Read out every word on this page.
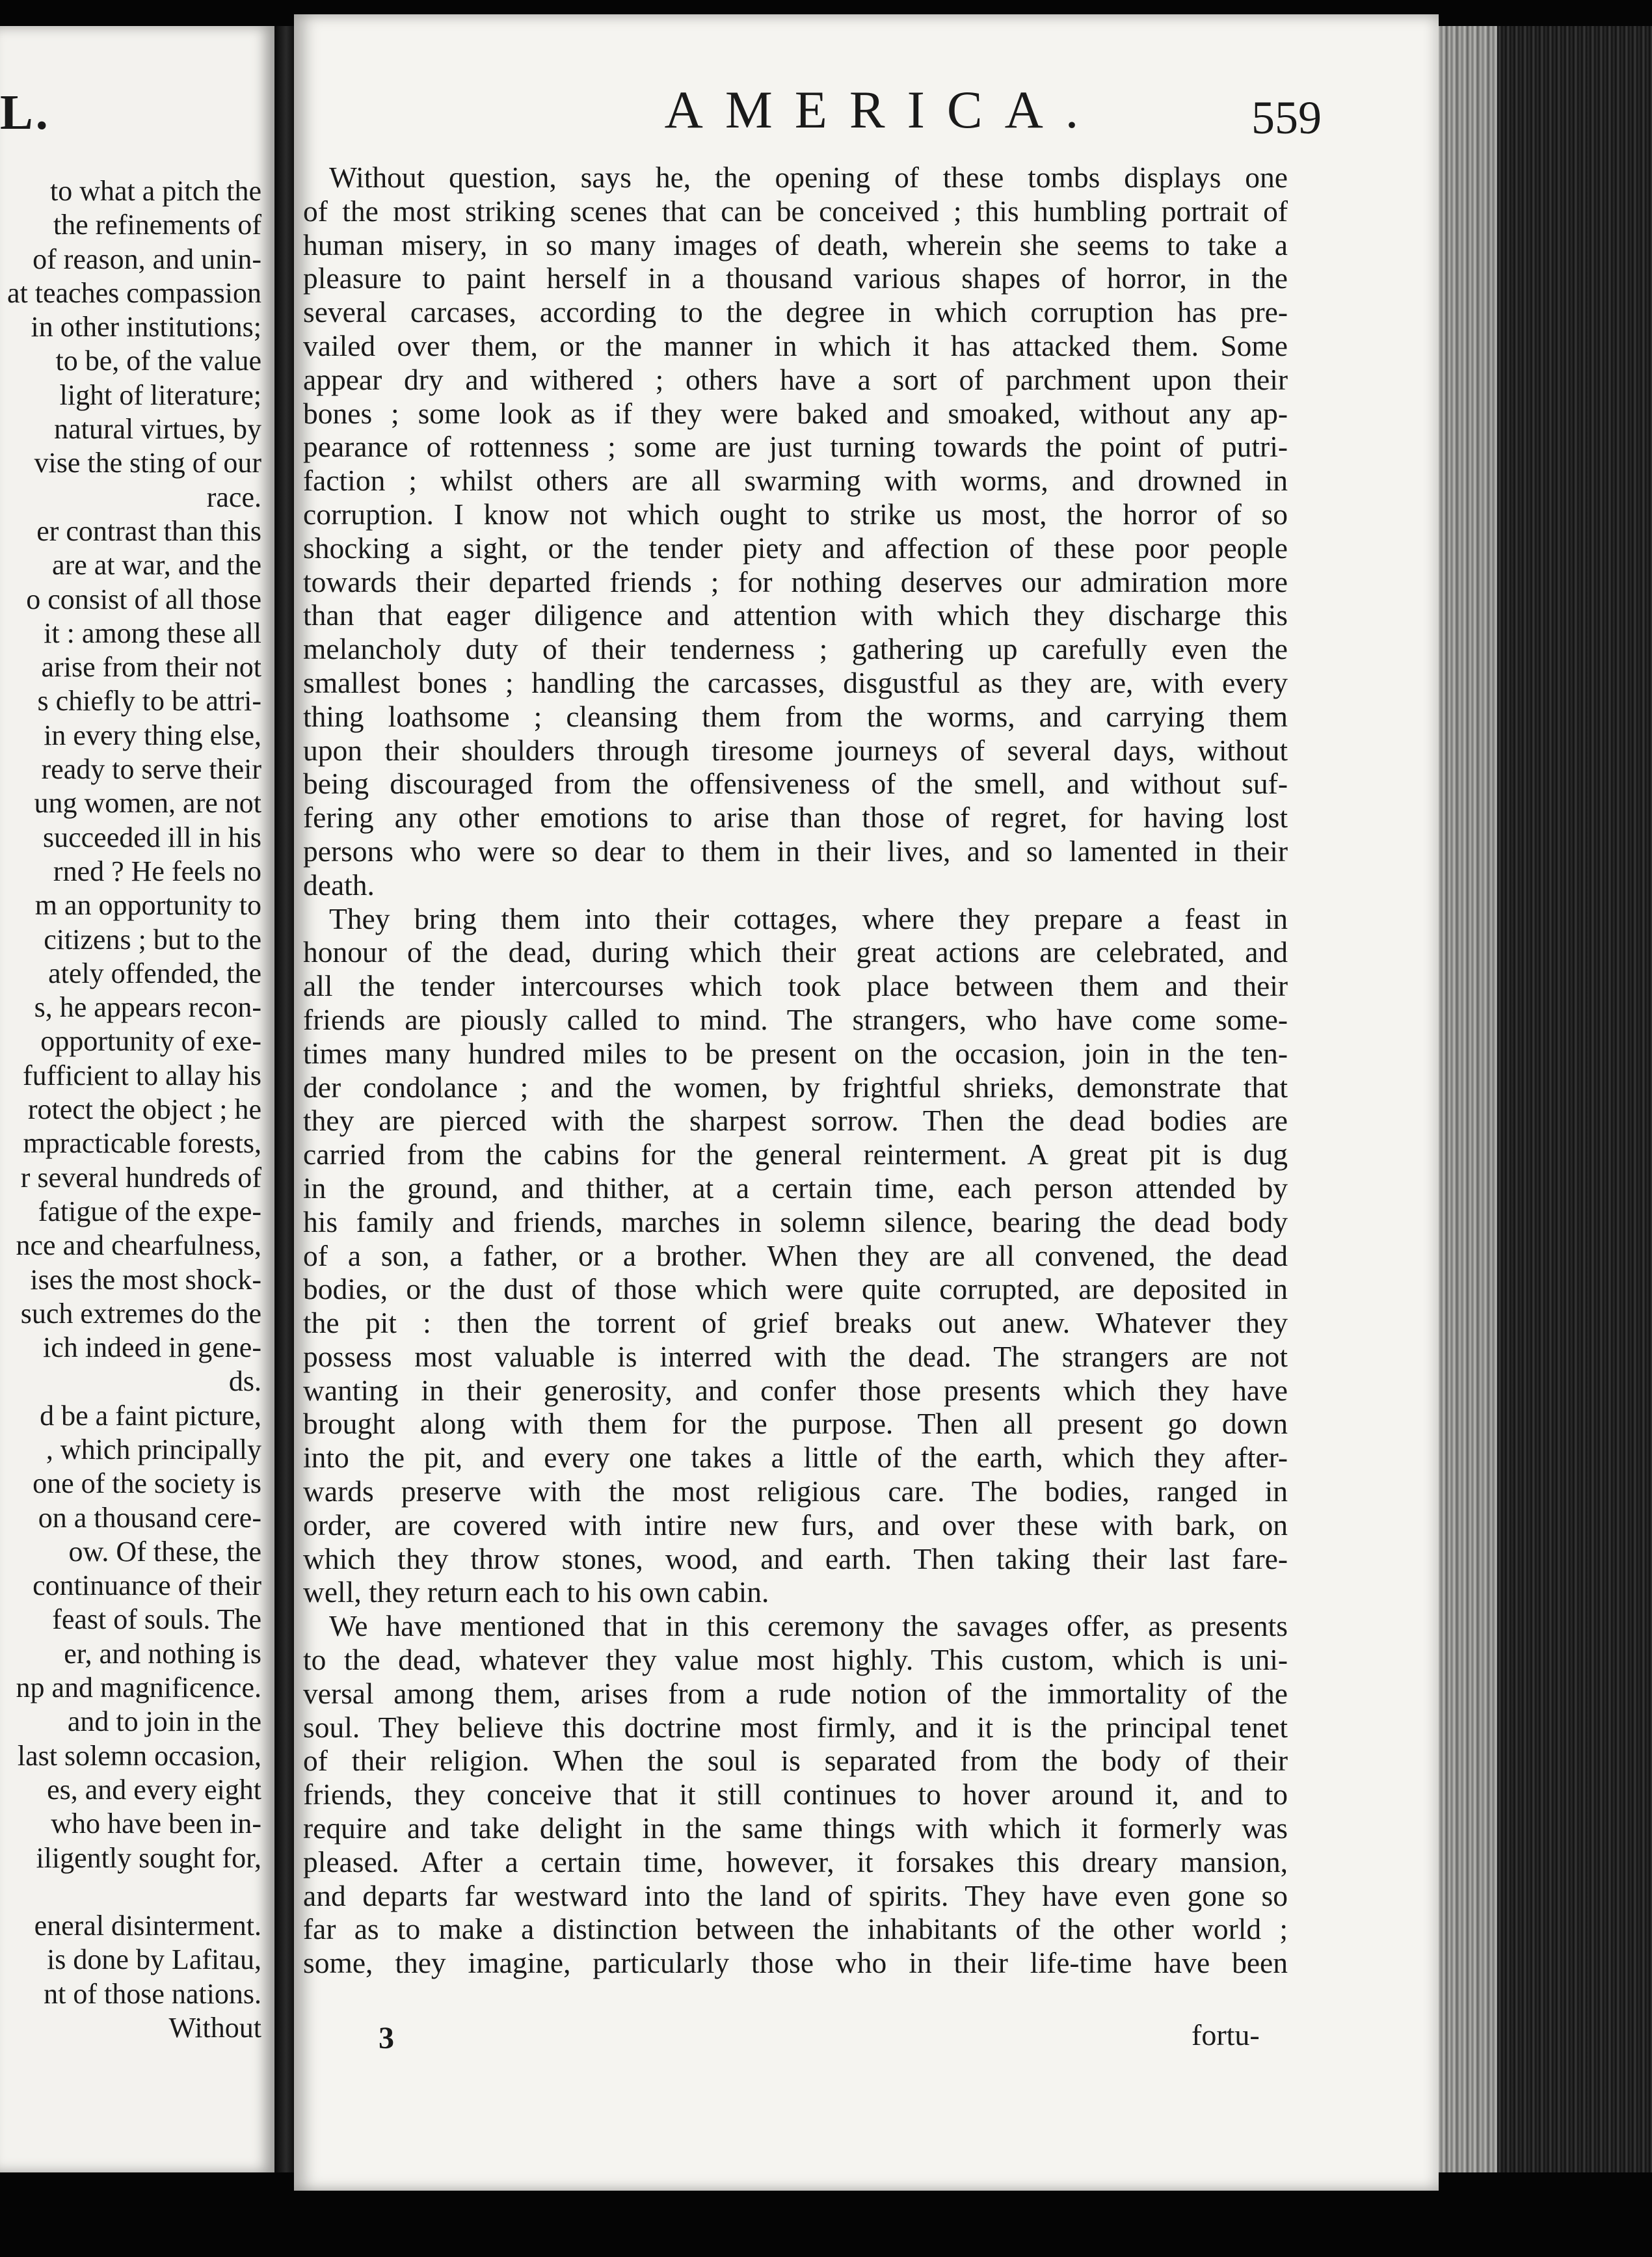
L.
to what a pitch the
the refinements of
of reason, and unin-
at teaches compassion
in other institutions;
to be, of the value
light of literature;
natural virtues, by
vise the sting of our
race.
er contrast than this
are at war, and the
o consist of all those
it : among these all
arise from their not
s chiefly to be attri-
in every thing else,
ready to serve their
ung women, are not
succeeded ill in his
rned ? He feels no
m an opportunity to
citizens ; but to the
ately offended, the
s, he appears recon-
opportunity of exe-
fufficient to allay his
rotect the object ; he
mpracticable forests,
r several hundreds of
fatigue of the expe-
nce and chearfulness,
ises the most shock-
such extremes do the
ich indeed in gene-
ds.
d be a faint picture,
, which principally
one of the society is
on a thousand cere-
ow. Of these, the
continuance of their
feast of souls. The
er, and nothing is
np and magnificence.
and to join in the
last solemn occasion,
es, and every eight
who have been in-
iligently sought for,
eneral disinterment.
is done by Lafitau,
nt of those nations.
Without
AMERICA.	559
Without question, says he, the opening of these tombs displays one
of the most striking scenes that can be conceived ; this humbling portrait of
human misery, in so many images of death, wherein she seems to take a
pleasure to paint herself in a thousand various shapes of horror, in the
several carcases, according to the degree in which corruption has pre-
vailed over them, or the manner in which it has attacked them. Some
appear dry and withered ; others have a sort of parchment upon their
bones ; some look as if they were baked and smoaked, without any ap-
pearance of rottenness ; some are just turning towards the point of putri-
faction ; whilst others are all swarming with worms, and drowned in
corruption. I know not which ought to strike us most, the horror of so
shocking a sight, or the tender piety and affection of these poor people
towards their departed friends ; for nothing deserves our admiration more
than that eager diligence and attention with which they discharge this
melancholy duty of their tenderness ; gathering up carefully even the
smallest bones ; handling the carcasses, disgustful as they are, with every
thing loathsome ; cleansing them from the worms, and carrying them
upon their shoulders through tiresome journeys of several days, without
being discouraged from the offensiveness of the smell, and without suf-
fering any other emotions to arise than those of regret, for having lost
persons who were so dear to them in their lives, and so lamented in their
death.
They bring them into their cottages, where they prepare a feast in
honour of the dead, during which their great actions are celebrated, and
all the tender intercourses which took place between them and their
friends are piously called to mind. The strangers, who have come some-
times many hundred miles to be present on the occasion, join in the ten-
der condolance ; and the women, by frightful shrieks, demonstrate that
they are pierced with the sharpest sorrow. Then the dead bodies are
carried from the cabins for the general reinterment. A great pit is dug
in the ground, and thither, at a certain time, each person attended by
his family and friends, marches in solemn silence, bearing the dead body
of a son, a father, or a brother. When they are all convened, the dead
bodies, or the dust of those which were quite corrupted, are deposited in
the pit : then the torrent of grief breaks out anew. Whatever they
possess most valuable is interred with the dead. The strangers are not
wanting in their generosity, and confer those presents which they have
brought along with them for the purpose. Then all present go down
into the pit, and every one takes a little of the earth, which they after-
wards preserve with the most religious care. The bodies, ranged in
order, are covered with intire new furs, and over these with bark, on
which they throw stones, wood, and earth. Then taking their last fare-
well, they return each to his own cabin.
We have mentioned that in this ceremony the savages offer, as presents
to the dead, whatever they value most highly. This custom, which is uni-
versal among them, arises from a rude notion of the immortality of the
soul. They believe this doctrine most firmly, and it is the principal tenet
of their religion. When the soul is separated from the body of their
friends, they conceive that it still continues to hover around it, and to
require and take delight in the same things with which it formerly was
pleased. After a certain time, however, it forsakes this dreary mansion,
and departs far westward into the land of spirits. They have even gone so
far as to make a distinction between the inhabitants of the other world ;
some, they imagine, particularly those who in their life-time have been
3	fortu-
